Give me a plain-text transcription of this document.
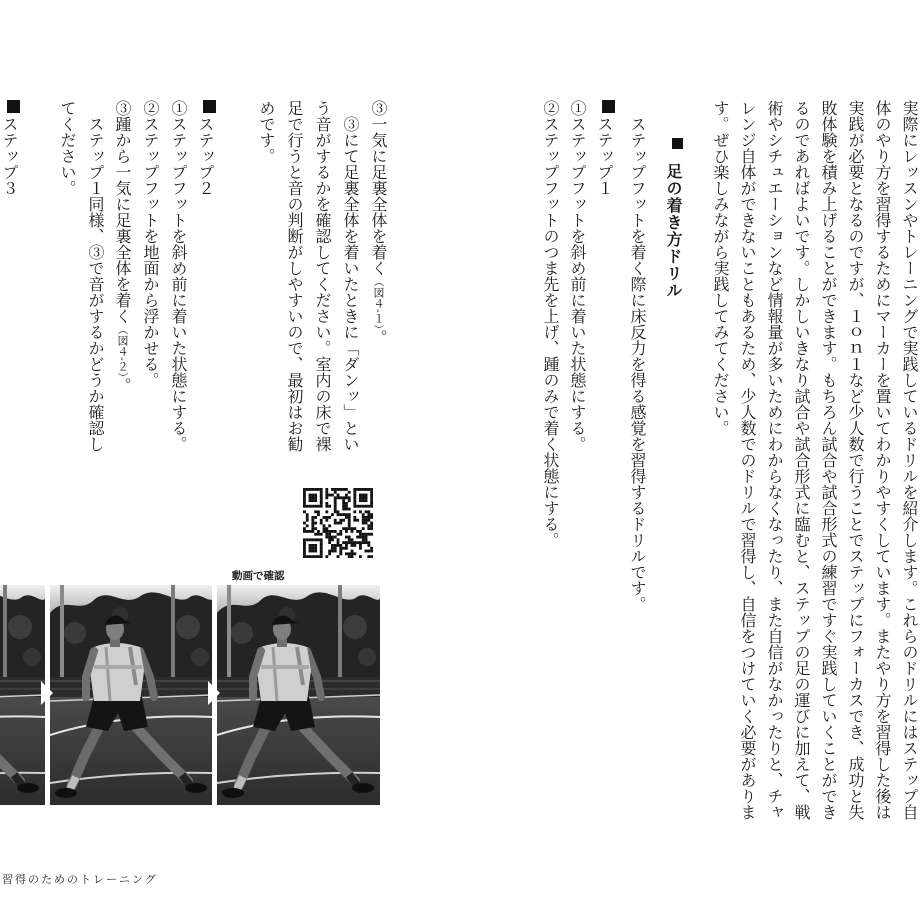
実際にレッスンやトレーニングで実践しているドリルを紹介します。これらのドリルにはステップ自
体のやり方を習得するためにマーカーを置いてわかりやすくしています。またやり方を習得した後は
実践が必要となるのですが、１ｏｎ１など少人数で行うことでステップにフォーカスでき、成功と失
敗体験を積み上げることができます。もちろん試合や試合形式の練習ですぐ実践していくことができ
るのであればよいです。しかしいきなり試合や試合形式に臨むと、ステップの足の運びに加えて、戦
術やシチュエーションなど情報量が多いためにわからなくなったり、また自信がなかったりと、チャ
レンジ自体ができないこともあるため、少人数でのドリルで習得し、自信をつけていく必要がありま
す。ぜひ楽しみながら実践してみてください。
足の着き方ドリル
ステップフットを着く際に床反力を得る感覚を習得するドリルです。
ステップ１
①ステップフットを斜め前に着いた状態にする。
②ステップフットのつま先を上げ、踵のみで着く状態にする。
③一気に足裏全体を着く（図４-１）。
③にて足裏全体を着いたときに「ダンッ」とい
う音がするかを確認してください。室内の床で裸
足で行うと音の判断がしやすいので、最初はお勧
めです。
ステップ２
①ステップフットを斜め前に着いた状態にする。
②ステップフットを地面から浮かせる。
③踵から一気に足裏全体を着く（図４-２）。
ステップ１同様、③で音がするかどうか確認し
てください。
ステップ３
動画で確認
習得のためのトレーニング
